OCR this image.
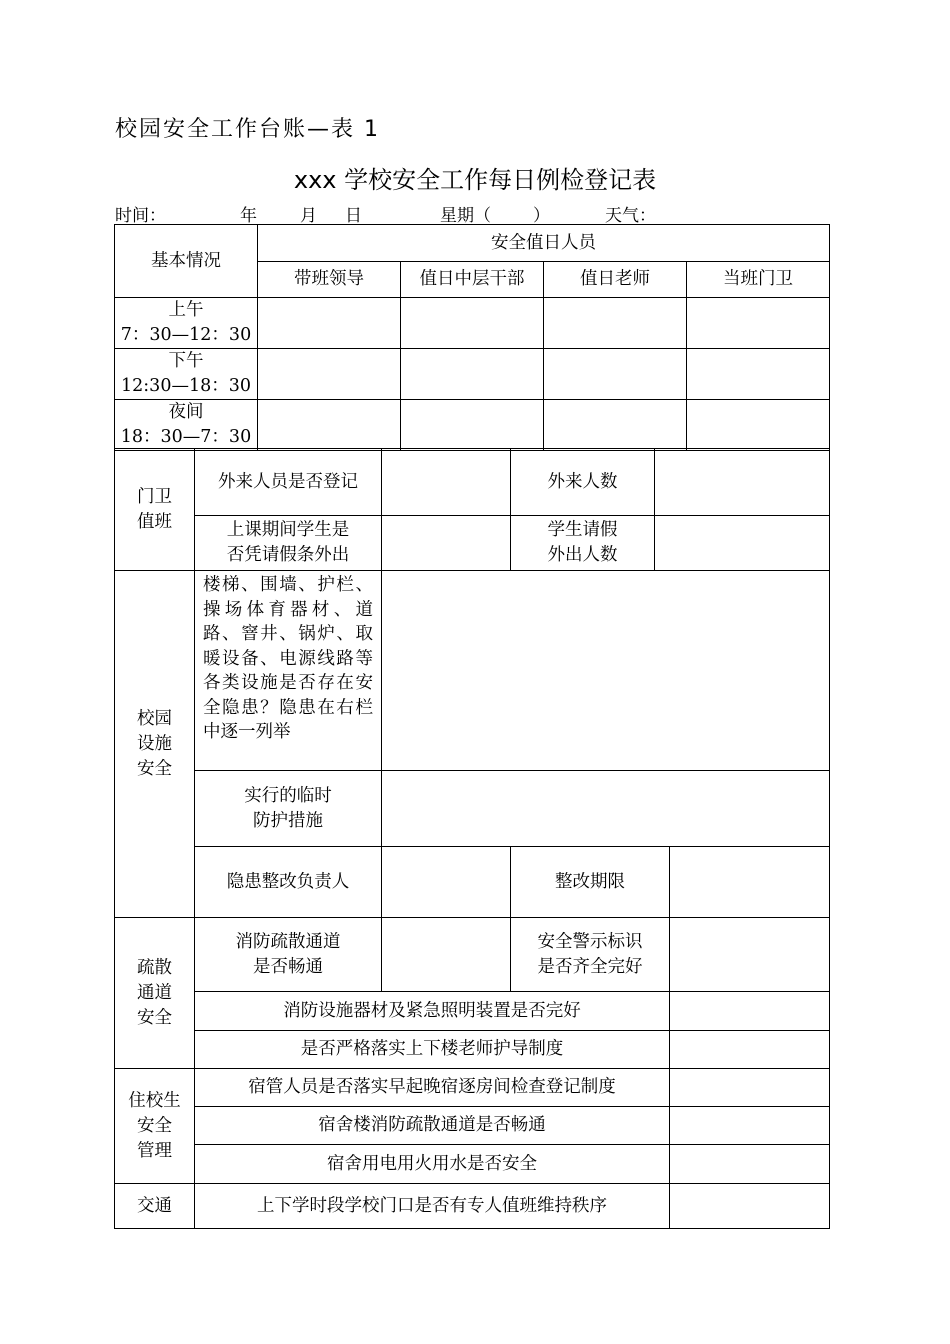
校园安全工作台账—表 1
xxx 学校安全工作每日例检登记表
时间：	年	月 日	星期（ ）	天气：
基本情况	安全值日人员			
	带班领导	值日中层干部	值日老师	当班门卫

上午
7：30—12：30				

下午
12:30—18：30				

夜间
18：30—7：30				

门卫
值班	外来人员是否登记		外来人数		
	上课期间学生是
否凭请假条外出		学生请假
外出人数		
校园
设施
安全	楼梯、围墙、护栏、操场体育器材、道路、窨井、锅炉、取暖设备、电源线路等各类设施是否存在安全隐患？隐患在右栏中逐一列举				
	实行的临时
防护措施				
	隐患整改负责人		整改期限		
疏散
通道
安全	消防疏散通道
是否畅通		安全警示标识
是否齐全完好		
	消防设施器材及紧急照明装置是否完好				
	是否严格落实上下楼老师护导制度				
住校生
安全
管理	宿管人员是否落实早起晚宿逐房间检查登记制度				
	宿舍楼消防疏散通道是否畅通				
	宿舍用电用火用水是否安全				
交通	上下学时段学校门口是否有专人值班维持秩序				
